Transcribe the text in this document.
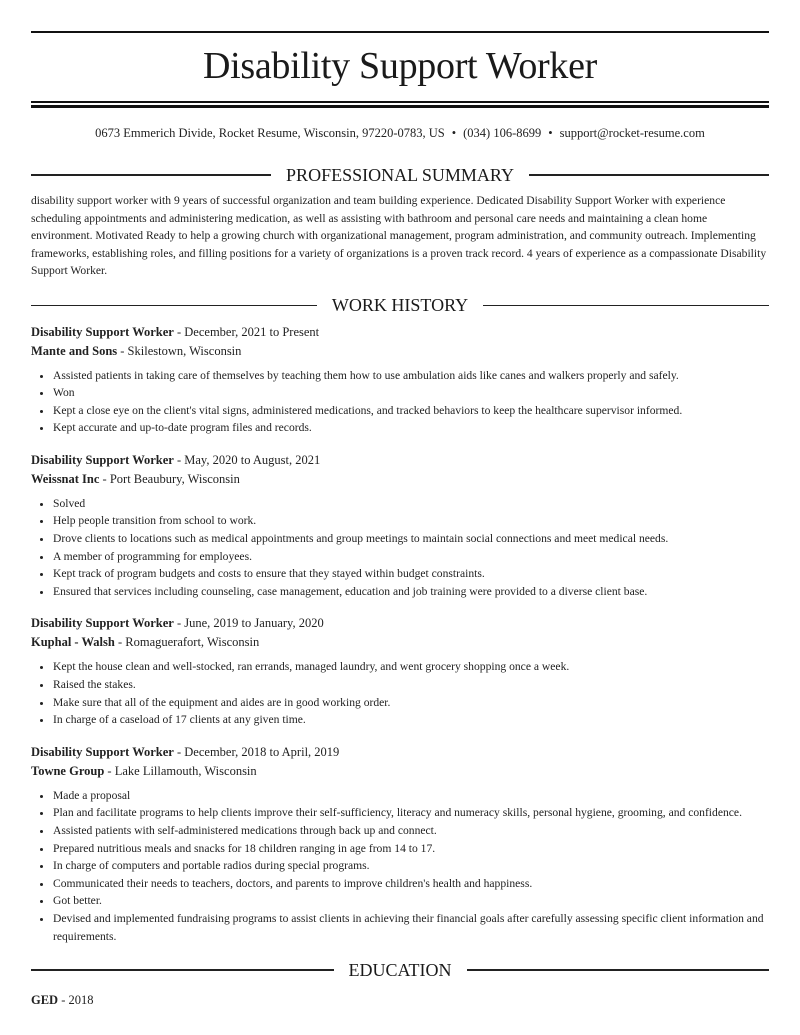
Disability Support Worker
0673 Emmerich Divide, Rocket Resume, Wisconsin, 97220-0783, US • (034) 106-8699 • support@rocket-resume.com
PROFESSIONAL SUMMARY
disability support worker with 9 years of successful organization and team building experience. Dedicated Disability Support Worker with experience scheduling appointments and administering medication, as well as assisting with bathroom and personal care needs and maintaining a clean home environment. Motivated Ready to help a growing church with organizational management, program administration, and community outreach. Implementing frameworks, establishing roles, and filling positions for a variety of organizations is a proven track record. 4 years of experience as a compassionate Disability Support Worker.
WORK HISTORY
Disability Support Worker - December, 2021 to Present
Mante and Sons - Skilestown, Wisconsin
• Assisted patients in taking care of themselves by teaching them how to use ambulation aids like canes and walkers properly and safely.
• Won
• Kept a close eye on the client's vital signs, administered medications, and tracked behaviors to keep the healthcare supervisor informed.
• Kept accurate and up-to-date program files and records.
Disability Support Worker - May, 2020 to August, 2021
Weissnat Inc - Port Beaubury, Wisconsin
• Solved
• Help people transition from school to work.
• Drove clients to locations such as medical appointments and group meetings to maintain social connections and meet medical needs.
• A member of programming for employees.
• Kept track of program budgets and costs to ensure that they stayed within budget constraints.
• Ensured that services including counseling, case management, education and job training were provided to a diverse client base.
Disability Support Worker - June, 2019 to January, 2020
Kuphal - Walsh - Romaguerafort, Wisconsin
• Kept the house clean and well-stocked, ran errands, managed laundry, and went grocery shopping once a week.
• Raised the stakes.
• Make sure that all of the equipment and aides are in good working order.
• In charge of a caseload of 17 clients at any given time.
Disability Support Worker - December, 2018 to April, 2019
Towne Group - Lake Lillamouth, Wisconsin
• Made a proposal
• Plan and facilitate programs to help clients improve their self-sufficiency, literacy and numeracy skills, personal hygiene, grooming, and confidence.
• Assisted patients with self-administered medications through back up and connect.
• Prepared nutritious meals and snacks for 18 children ranging in age from 14 to 17.
• In charge of computers and portable radios during special programs.
• Communicated their needs to teachers, doctors, and parents to improve children's health and happiness.
• Got better.
• Devised and implemented fundraising programs to assist clients in achieving their financial goals after carefully assessing specific client information and requirements.
EDUCATION
GED - 2018
